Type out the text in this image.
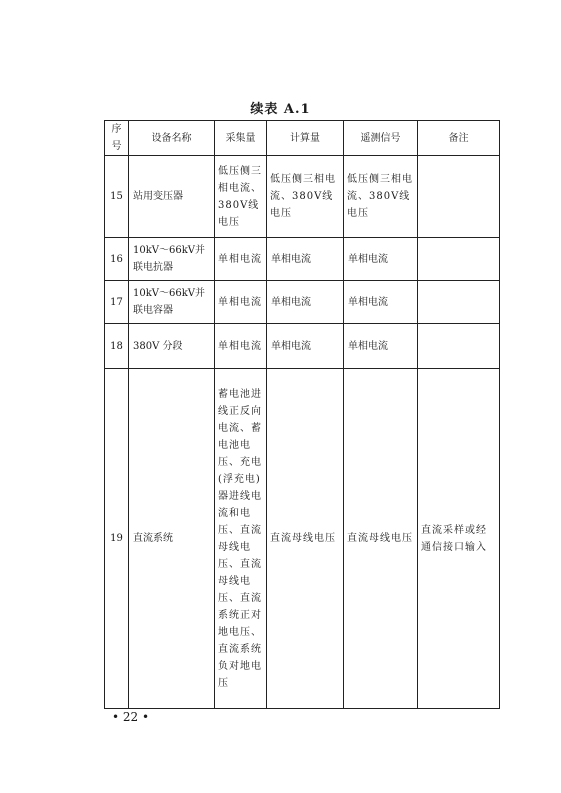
续表 A.1
序号	设备名称	采集量	计算量	遥测信号	备注
15	站用变压器	低压侧三相电流、380V线电压	低压侧三相电流、380V线电压	低压侧三相电流、380V线电压	
16	10kV～66kV并联电抗器	单相电流	单相电流	单相电流	
17	10kV～66kV并联电容器	单相电流	单相电流	单相电流	
18	380V 分段	单相电流	单相电流	单相电流	
19	直流系统	蓄电池进线正反向电流、蓄电池电压、充电(浮充电)器进线电流和电压、直流母线电压、直流母线电压、直流系统正对地电压、直流系统负对地电压	直流母线电压	直流母线电压	直流采样或经通信接口输入
• 22 •
